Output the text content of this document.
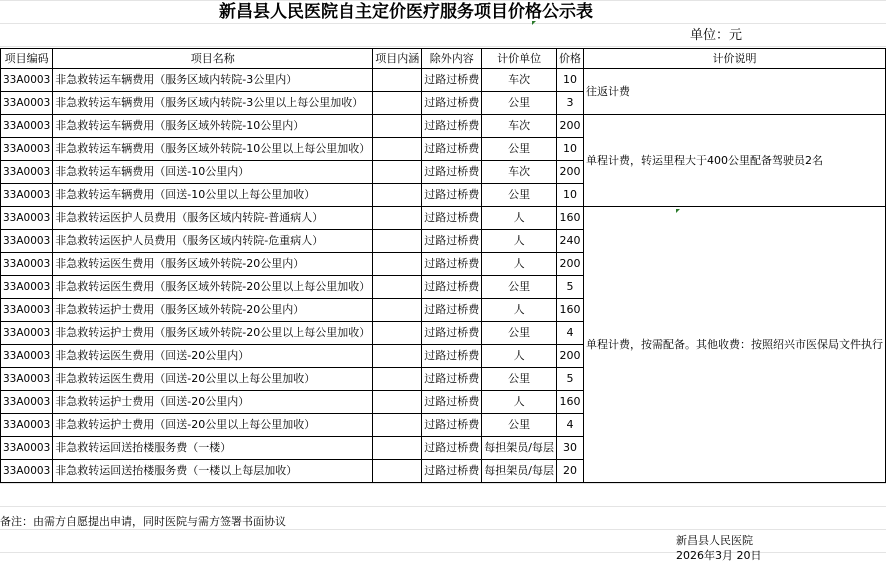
新昌县人民医院自主定价医疗服务项目价格公示表
单位：元
项目编码	项目名称	项目内涵	除外内容	计价单位	价格	计价说明
33A0003	非急救转运车辆费用（服务区域内转院-3公里内）		过路过桥费	车次	10	往返计费
33A0003	非急救转运车辆费用（服务区域内转院-3公里以上每公里加收）		过路过桥费	公里	3	
33A0003	非急救转运车辆费用（服务区域外转院-10公里内）		过路过桥费	车次	200	单程计费，转运里程大于400公里配备驾驶员2名
33A0003	非急救转运车辆费用（服务区域外转院-10公里以上每公里加收）		过路过桥费	公里	10	
33A0003	非急救转运车辆费用（回送-10公里内）		过路过桥费	车次	200	
33A0003	非急救转运车辆费用（回送-10公里以上每公里加收）		过路过桥费	公里	10	
33A0003	非急救转运医护人员费用（服务区域内转院-普通病人）		过路过桥费	人	160	单程计费，按需配备。其他收费：按照绍兴市医保局文件执行
33A0003	非急救转运医护人员费用（服务区域内转院-危重病人）		过路过桥费	人	240	
33A0003	非急救转运医生费用（服务区域外转院-20公里内）		过路过桥费	人	200	
33A0003	非急救转运医生费用（服务区域外转院-20公里以上每公里加收）		过路过桥费	公里	5	
33A0003	非急救转运护士费用（服务区域外转院-20公里内）		过路过桥费	人	160	
33A0003	非急救转运护士费用（服务区域外转院-20公里以上每公里加收）		过路过桥费	公里	4	
33A0003	非急救转运医生费用（回送-20公里内）		过路过桥费	人	200	
33A0003	非急救转运医生费用（回送-20公里以上每公里加收）		过路过桥费	公里	5	
33A0003	非急救转运护士费用（回送-20公里内）		过路过桥费	人	160	
33A0003	非急救转运护士费用（回送-20公里以上每公里加收）		过路过桥费	公里	4	
33A0003	非急救转运回送抬楼服务费（一楼）		过路过桥费	每担架员/每层	30	
33A0003	非急救转运回送抬楼服务费（一楼以上每层加收）		过路过桥费	每担架员/每层	20	
备注：由需方自愿提出申请，同时医院与需方签署书面协议
新昌县人民医院
2026年3月 20日
